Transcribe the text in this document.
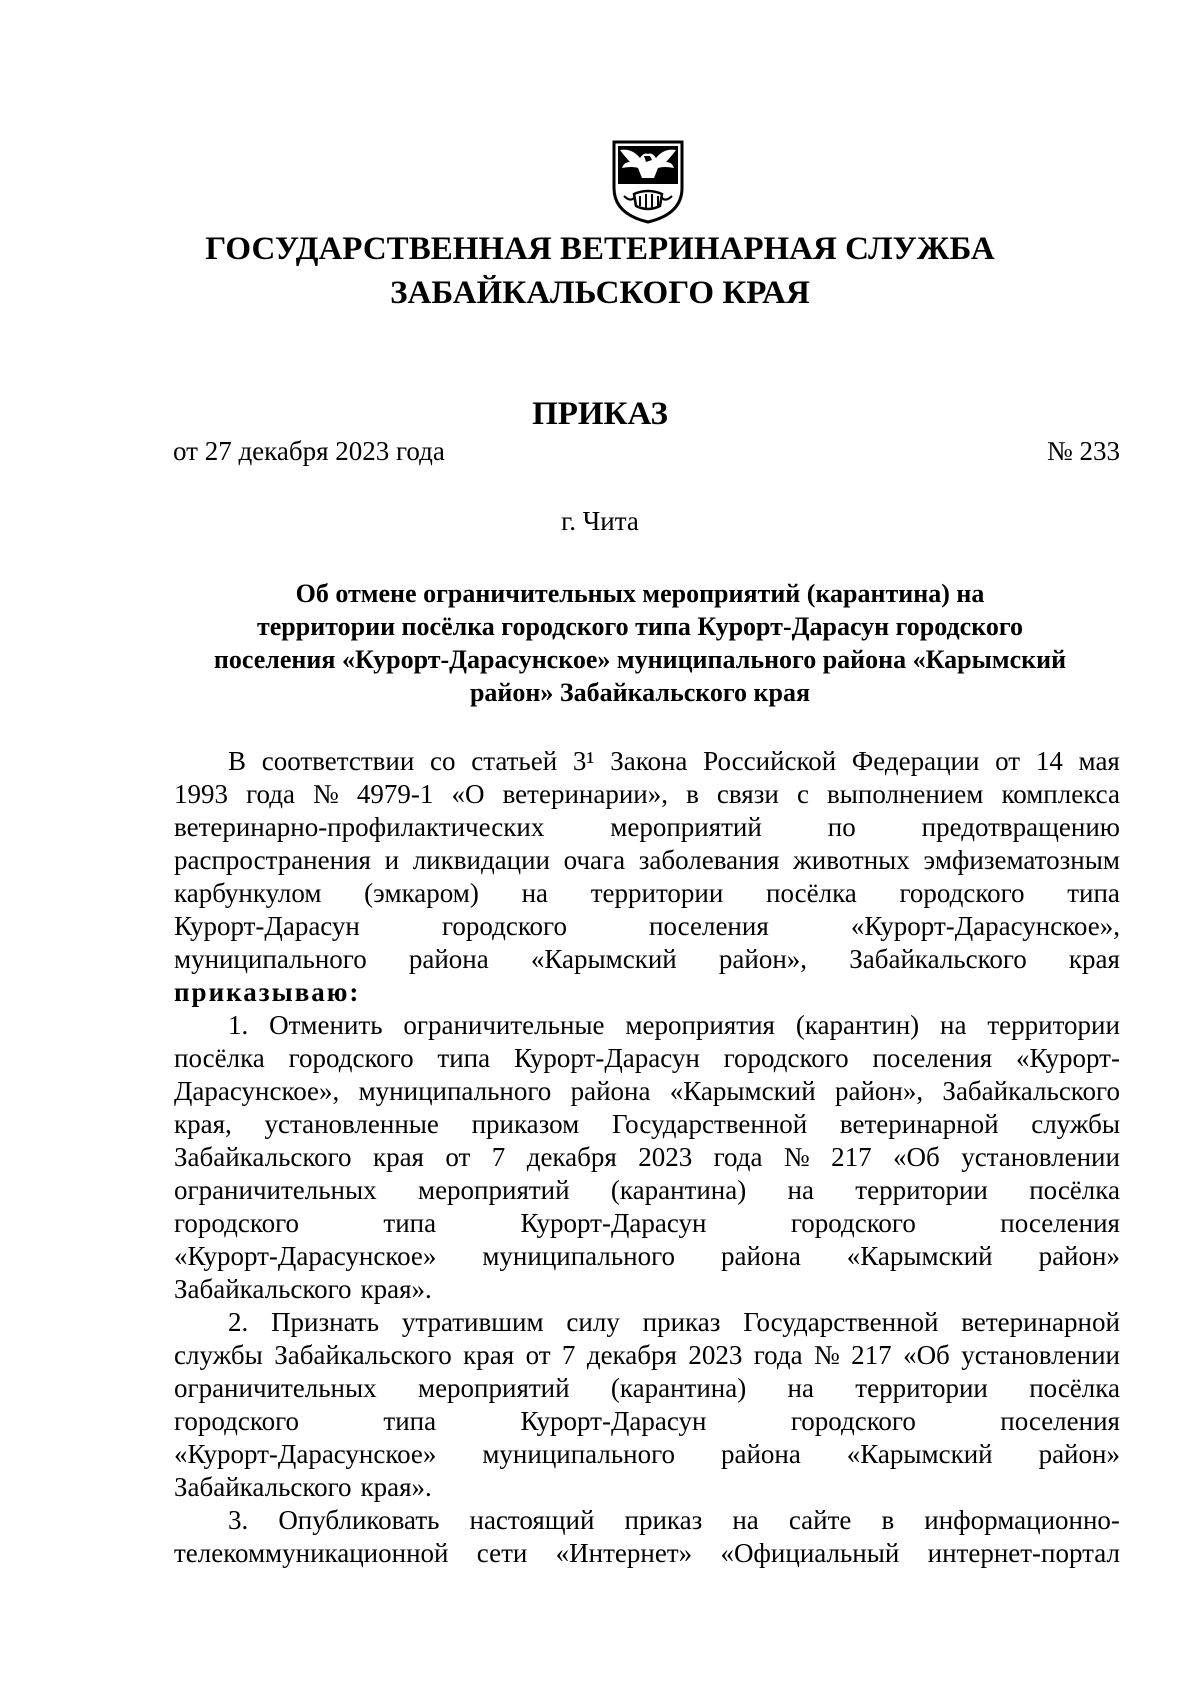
ГОСУДАРСТВЕННАЯ ВЕТЕРИНАРНАЯ СЛУЖБА
ЗАБАЙКАЛЬСКОГО КРАЯ
ПРИКАЗ
от 27 декабря 2023 года	№ 233
г. Чита
Об отмене ограничительных мероприятий (карантина) на
территории посёлка городского типа Курорт-Дарасун городского
поселения «Курорт-Дарасунское» муниципального района «Карымский
район» Забайкальского края
В соответствии со статьей 3¹ Закона Российской Федерации от 14 мая
1993 года № 4979-1 «О ветеринарии», в связи с выполнением комплекса
ветеринарно-профилактических мероприятий по предотвращению
распространения и ликвидации очага заболевания животных эмфизематозным
карбункулом (эмкаром) на территории посёлка городского типа
Курорт-Дарасун	городского	поселения	«Курорт-Дарасунское»,
муниципального района «Карымский район», Забайкальского края
приказываю:
1. Отменить ограничительные мероприятия (карантин) на территории
посёлка городского типа Курорт-Дарасун городского поселения «Курорт-
Дарасунское», муниципального района «Карымский район», Забайкальского
края, установленные приказом Государственной ветеринарной службы
Забайкальского края от 7 декабря 2023 года № 217 «Об установлении
ограничительных мероприятий (карантина) на территории посёлка
городского	типа	Курорт-Дарасун	городского	поселения
«Курорт-Дарасунское» муниципального района «Карымский район»
Забайкальского края».
2. Признать утратившим силу приказ Государственной ветеринарной
службы Забайкальского края от 7 декабря 2023 года № 217 «Об установлении
ограничительных мероприятий (карантина) на территории посёлка
городского	типа	Курорт-Дарасун	городского	поселения
«Курорт-Дарасунское» муниципального района «Карымский район»
Забайкальского края».
3. Опубликовать настоящий приказ на сайте в информационно-
телекоммуникационной сети «Интернет» «Официальный интернет-портал
